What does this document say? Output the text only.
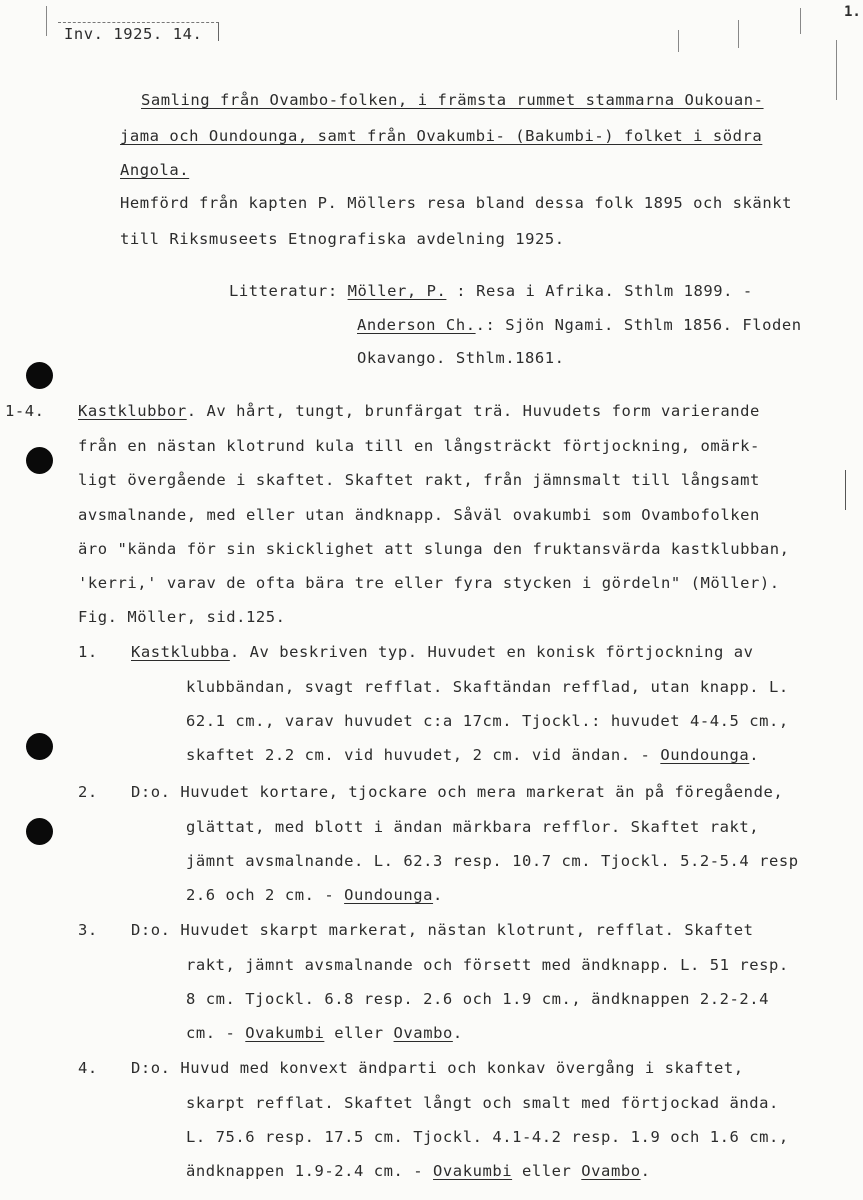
Inv. 1925. 14.
1.
Samling från Ovambo-folken, i främsta rummet stammarna Oukouan-
jama och Oundounga, samt från Ovakumbi- (Bakumbi-) folket i södra
Angola.
Hemförd från kapten P. Möllers resa bland dessa folk 1895 och skänkt
till Riksmuseets Etnografiska avdelning 1925.
Litteratur: Möller, P. : Resa i Afrika. Sthlm 1899. -
Anderson Ch..: Sjön Ngami. Sthlm 1856. Floden
Okavango. Sthlm.1861.
1-4. Kastklubbor. Av hårt, tungt, brunfärgat trä. Huvudets form varierande
från en nästan klotrund kula till en långsträckt förtjockning, omärk-
ligt övergående i skaftet. Skaftet rakt, från jämnsmalt till långsamt
avsmalnande, med eller utan ändknapp. Såväl ovakumbi som Ovambofolken
äro "kända för sin skicklighet att slunga den fruktansvärda kastklubban,
'kerri,' varav de ofta bära tre eller fyra stycken i gördeln" (Möller).
Fig. Möller, sid.125.
1. Kastklubba. Av beskriven typ. Huvudet en konisk förtjockning av
klubbändan, svagt refflat. Skaftändan refflad, utan knapp. L.
62.1 cm., varav huvudet c:a 17cm. Tjockl.: huvudet 4-4.5 cm.,
skaftet 2.2 cm. vid huvudet, 2 cm. vid ändan. - Oundounga.
2. D:o. Huvudet kortare, tjockare och mera markerat än på föregående,
glättat, med blott i ändan märkbara refflor. Skaftet rakt,
jämnt avsmalnande. L. 62.3 resp. 10.7 cm. Tjockl. 5.2-5.4 resp
2.6 och 2 cm. - Oundounga.
3. D:o. Huvudet skarpt markerat, nästan klotrunt, refflat. Skaftet
rakt, jämnt avsmalnande och försett med ändknapp. L. 51 resp.
8 cm. Tjockl. 6.8 resp. 2.6 och 1.9 cm., ändknappen 2.2-2.4
cm. - Ovakumbi eller Ovambo.
4. D:o. Huvud med konvext ändparti och konkav övergång i skaftet,
skarpt refflat. Skaftet långt och smalt med förtjockad ända.
L. 75.6 resp. 17.5 cm. Tjockl. 4.1-4.2 resp. 1.9 och 1.6 cm.,
ändknappen 1.9-2.4 cm. - Ovakumbi eller Ovambo.
